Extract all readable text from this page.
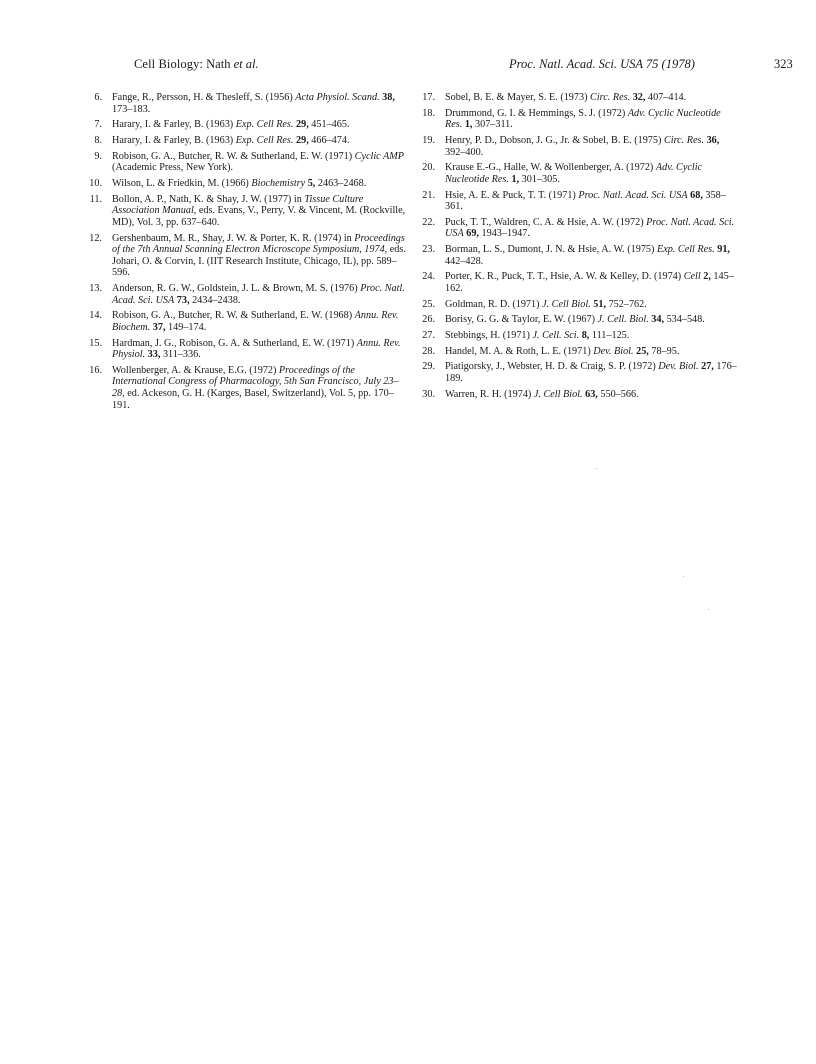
Cell Biology: Nath et al.	Proc. Natl. Acad. Sci. USA 75 (1978)	323
6. Fange, R., Persson, H. & Thesleff, S. (1956) Acta Physiol. Scand. 38, 173–183.
7. Harary, I. & Farley, B. (1963) Exp. Cell Res. 29, 451–465.
8. Harary, I. & Farley, B. (1963) Exp. Cell Res. 29, 466–474.
9. Robison, G. A., Butcher, R. W. & Sutherland, E. W. (1971) Cyclic AMP (Academic Press, New York).
10. Wilson, L. & Friedkin, M. (1966) Biochemistry 5, 2463–2468.
11. Bollon, A. P., Nath, K. & Shay, J. W. (1977) in Tissue Culture Association Manual, eds. Evans, V., Perry, V. & Vincent, M. (Rockville, MD), Vol. 3, pp. 637–640.
12. Gershenbaum, M. R., Shay, J. W. & Porter, K. R. (1974) in Proceedings of the 7th Annual Scanning Electron Microscope Symposium, 1974, eds. Johari, O. & Corvin, I. (IIT Research Institute, Chicago, IL), pp. 589–596.
13. Anderson, R. G. W., Goldstein, J. L. & Brown, M. S. (1976) Proc. Natl. Acad. Sci. USA 73, 2434–2438.
14. Robison, G. A., Butcher, R. W. & Sutherland, E. W. (1968) Annu. Rev. Biochem. 37, 149–174.
15. Hardman, J. G., Robison, G. A. & Sutherland, E. W. (1971) Annu. Rev. Physiol. 33, 311–336.
16. Wollenberger, A. & Krause, E.G. (1972) Proceedings of the International Congress of Pharmacology, 5th San Francisco, July 23–28, ed. Ackeson, G. H. (Karges, Basel, Switzerland), Vol. 5, pp. 170–191.
17. Sobel, B. E. & Mayer, S. E. (1973) Circ. Res. 32, 407–414.
18. Drummond, G. I. & Hemmings, S. J. (1972) Adv. Cyclic Nucleotide Res. 1, 307–311.
19. Henry, P. D., Dobson, J. G., Jr. & Sobel, B. E. (1975) Circ. Res. 36, 392–400.
20. Krause E.-G., Halle, W. & Wollenberger, A. (1972) Adv. Cyclic Nucleotide Res. 1, 301–305.
21. Hsie, A. E. & Puck, T. T. (1971) Proc. Natl. Acad. Sci. USA 68, 358–361.
22. Puck, T. T., Waldren, C. A. & Hsie, A. W. (1972) Proc. Natl. Acad. Sci. USA 69, 1943–1947.
23. Borman, L. S., Dumont, J. N. & Hsie, A. W. (1975) Exp. Cell Res. 91, 442–428.
24. Porter, K. R., Puck, T. T., Hsie, A. W. & Kelley, D. (1974) Cell 2, 145–162.
25. Goldman, R. D. (1971) J. Cell Biol. 51, 752–762.
26. Borisy, G. G. & Taylor, E. W. (1967) J. Cell. Biol. 34, 534–548.
27. Stebbings, H. (1971) J. Cell. Sci. 8, 111–125.
28. Handel, M. A. & Roth, L. E. (1971) Dev. Biol. 25, 78–95.
29. Piatigorsky, J., Webster, H. D. & Craig, S. P. (1972) Dev. Biol. 27, 176–189.
30. Warren, R. H. (1974) J. Cell Biol. 63, 550–566.
